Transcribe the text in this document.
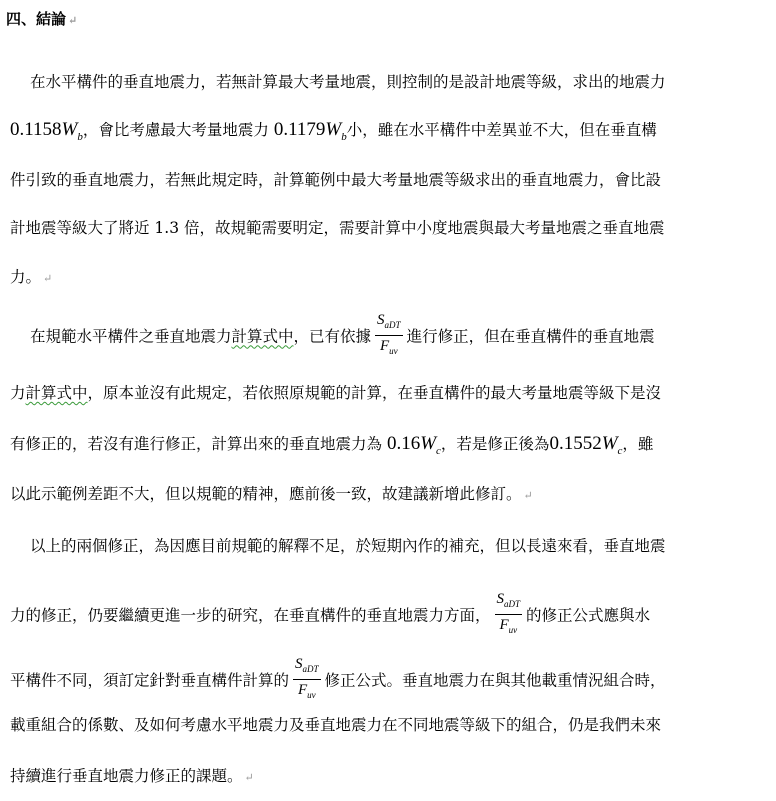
四、結論 ↵
在水平構件的垂直地震力，若無計算最大考量地震，則控制的是設計地震等級，求出的地震力
$0.1158W_b$，會比考慮最大考量地震力 $0.1179W_b$小，雖在水平構件中差異並不大，但在垂直構
件引致的垂直地震力，若無此規定時，計算範例中最大考量地震等級求出的垂直地震力，會比設
計地震等級大了將近 1.3 倍，故規範需要明定，需要計算中小度地震與最大考量地震之垂直地震
力。 ↵
在規範水平構件之垂直地震力計算式中，已有依據 $\frac{S_{aDT}}{F_{uv}}$ 進行修正，但在垂直構件的垂直地震
力計算式中，原本並沒有此規定，若依照原規範的計算，在垂直構件的最大考量地震等級下是沒
有修正的，若沒有進行修正，計算出來的垂直地震力為 $0.16W_c$，若是修正後為$0.1552W_c$，雖
以此示範例差距不大，但以規範的精神，應前後一致，故建議新增此修訂。 ↵
以上的兩個修正，為因應目前規範的解釋不足，於短期內作的補充，但以長遠來看，垂直地震
力的修正，仍要繼續更進一步的研究，在垂直構件的垂直地震力方面， $\frac{S_{aDT}}{F_{uv}}$ 的修正公式應與水
平構件不同，須訂定針對垂直構件計算的 $\frac{S_{aDT}}{F_{uv}}$ 修正公式。垂直地震力在與其他載重情況組合時，
載重組合的係數、及如何考慮水平地震力及垂直地震力在不同地震等級下的組合，仍是我們未來
持續進行垂直地震力修正的課題。 ↵
